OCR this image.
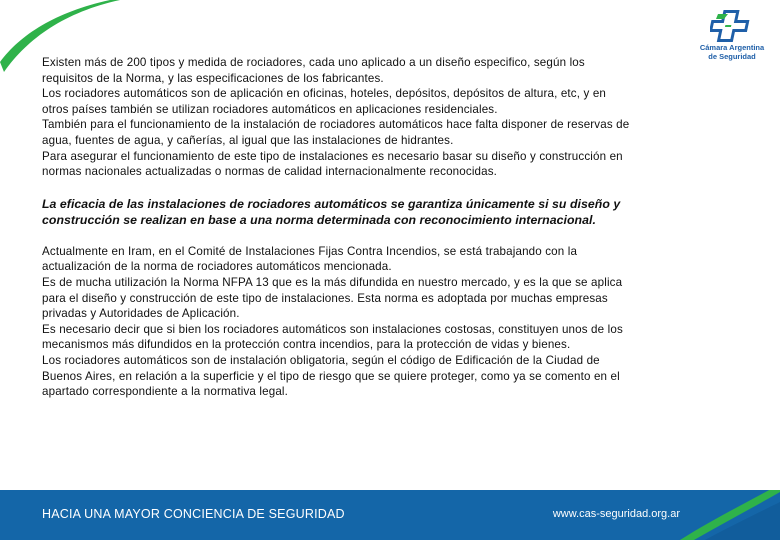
Cámara Argentina
de Seguridad

Existen más de 200 tipos y medida de rociadores, cada uno aplicado a un diseño especifico, según los
requisitos de la Norma, y las especificaciones de los fabricantes.
Los rociadores automáticos son de aplicación en oficinas, hoteles, depósitos, depósitos de altura, etc, y en
otros países también se utilizan rociadores automáticos en aplicaciones residenciales.
También para el funcionamiento de la instalación de rociadores automáticos hace falta disponer de reservas de
agua, fuentes de agua, y cañerías, al igual que las instalaciones de hidrantes.
Para asegurar el funcionamiento de este tipo de instalaciones es necesario basar su diseño y construcción en
normas nacionales actualizadas o normas de calidad internacionalmente reconocidas.

La eficacia de las instalaciones de rociadores automáticos se garantiza únicamente si su diseño y
construcción se realizan en base a una norma determinada con reconocimiento internacional.

Actualmente en Iram, en el Comité de Instalaciones Fijas Contra Incendios, se está trabajando con la
actualización de la norma de rociadores automáticos mencionada.
Es de mucha utilización la Norma NFPA 13 que es la más difundida en nuestro mercado, y es la que se aplica
para el diseño y construcción de este tipo de instalaciones. Esta norma es adoptada por muchas empresas
privadas y Autoridades de Aplicación.
Es necesario decir que si bien los rociadores automáticos son instalaciones costosas, constituyen unos de los
mecanismos más difundidos en la protección contra incendios, para la protección de vidas y bienes.
Los rociadores automáticos son de instalación obligatoria, según el código de Edificación de la Ciudad de
Buenos Aires, en relación a la superficie y el tipo de riesgo que se quiere proteger, como ya se comento en el
apartado correspondiente a la normativa legal.

HACIA UNA MAYOR CONCIENCIA DE SEGURIDAD	www.cas-seguridad.org.ar
